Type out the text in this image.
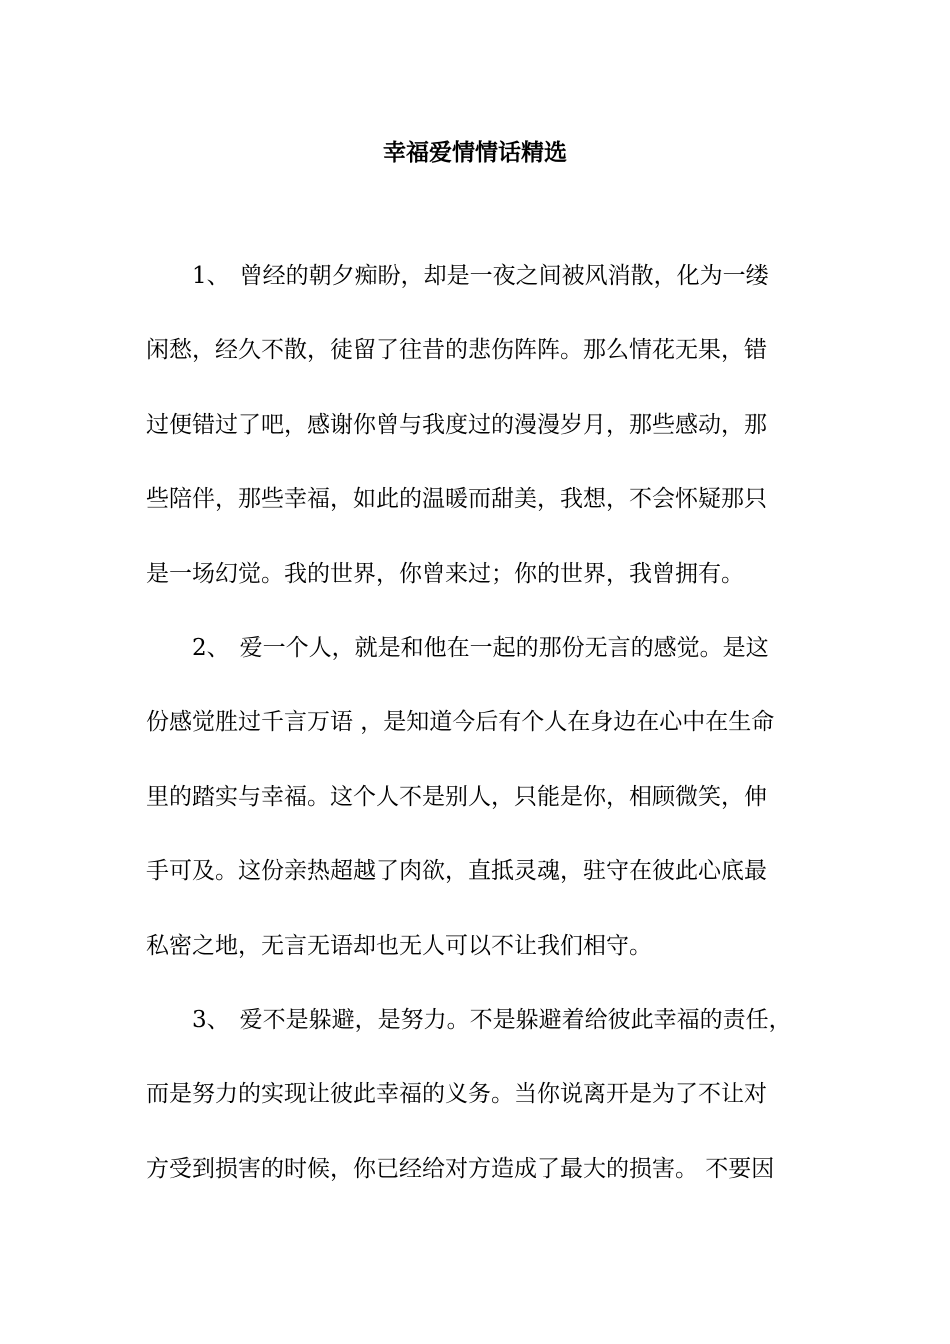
幸福爱情情话精选
1、 曾经的朝夕痴盼，却是一夜之间被风消散，化为一缕
闲愁，经久不散，徒留了往昔的悲伤阵阵。那么情花无果，错
过便错过了吧，感谢你曾与我度过的漫漫岁月，那些感动，那
些陪伴，那些幸福，如此的温暖而甜美，我想，不会怀疑那只
是一场幻觉。我的世界，你曾来过；你的世界，我曾拥有。
2、 爱一个人，就是和他在一起的那份无言的感觉。是这
份感觉胜过千言万语 ，是知道今后有个人在身边在心中在生命
里的踏实与幸福。这个人不是别人，只能是你，相顾微笑，伸
手可及。这份亲热超越了肉欲，直抵灵魂，驻守在彼此心底最
私密之地，无言无语却也无人可以不让我们相守。
3、 爱不是躲避，是努力。不是躲避着给彼此幸福的责任，
而是努力的实现让彼此幸福的义务。当你说离开是为了不让对
方受到损害的时候，你已经给对方造成了最大的损害。 不要因
